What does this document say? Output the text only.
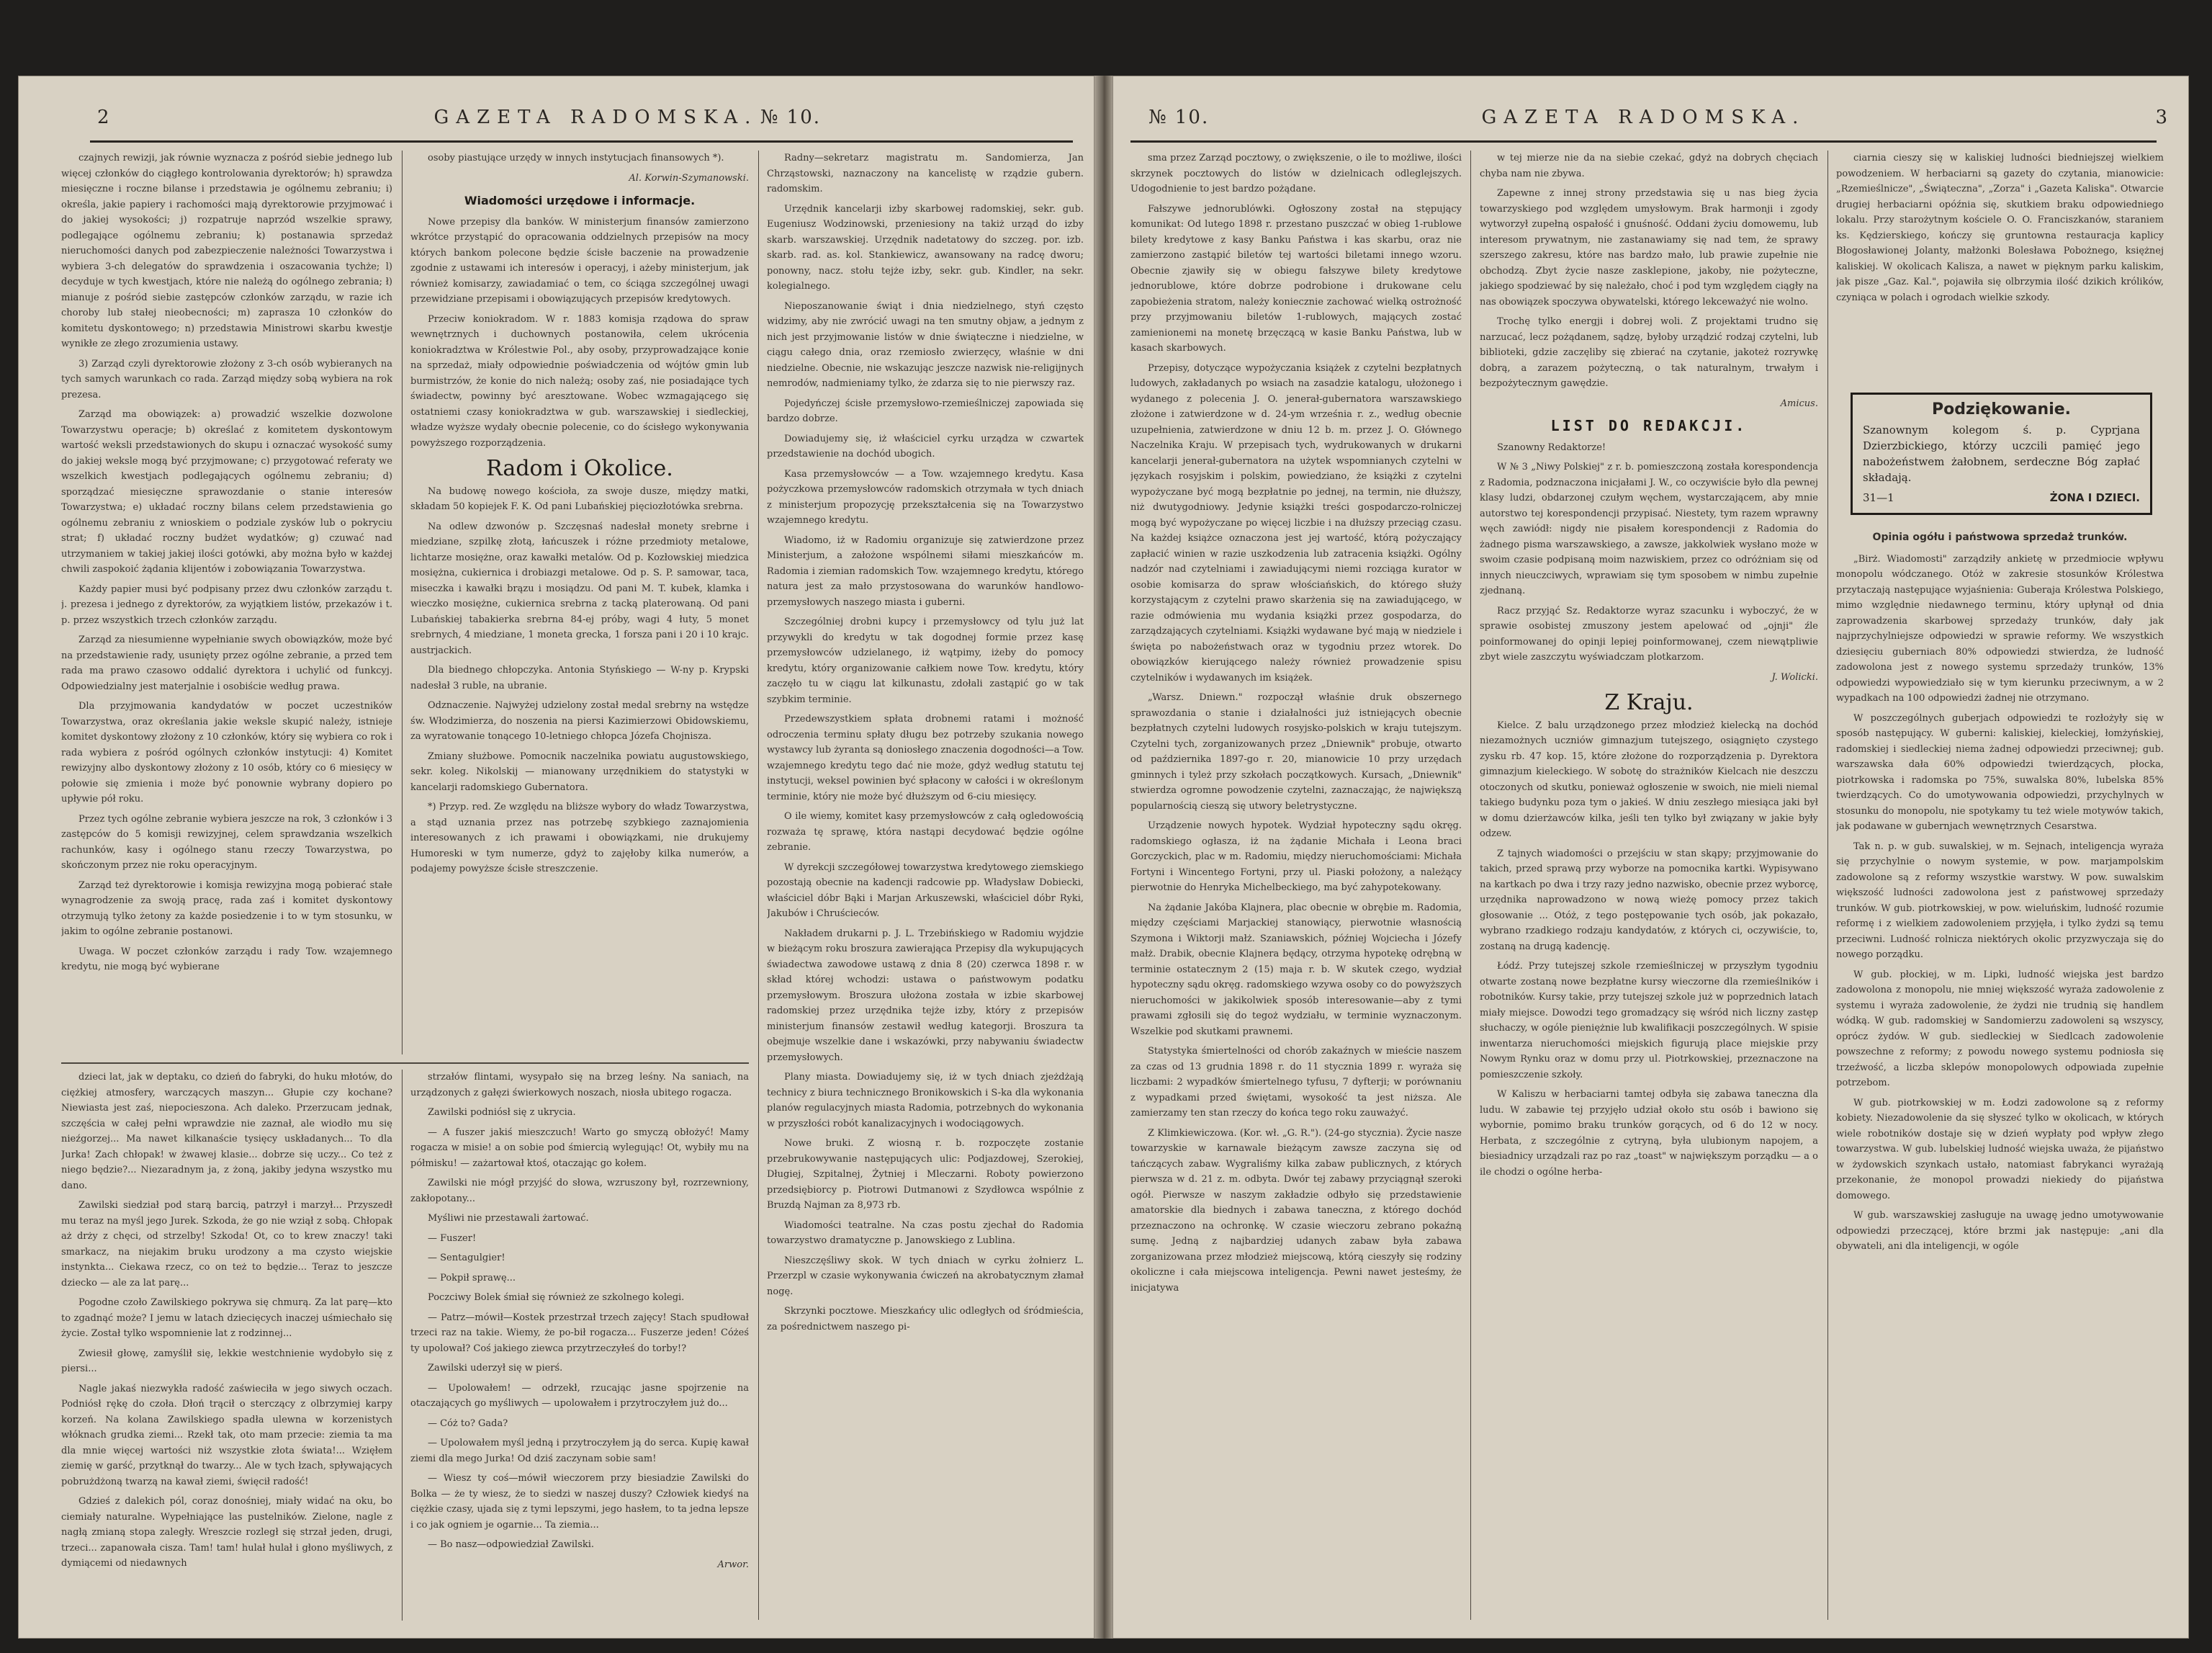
2	GAZETA RADOMSKA. № 10.

czajnych rewizji, jak równie wyznacza z pośród siebie jednego lub więcej członków do ciągłego kontrolowania dyrektorów; h) sprawdza miesięczne i roczne bilanse i przedstawia je ogólnemu zebraniu; i) określa, jakie papiery i rachomości mają dyrektorowie przyjmować i do jakiej wysokości; j) rozpatruje naprzód wszelkie sprawy, podlegające ogólnemu zebraniu; k) postanawia sprzedaż nieruchomości danych pod zabezpieczenie należności Towarzystwa i wybiera 3-ch delegatów do sprawdzenia i oszacowania tychże; l) decyduje w tych kwestjach, które nie należą do ogólnego zebrania; ł) mianuje z pośród siebie zastępców członków zarządu, w razie ich choroby lub stałej nieobecności; m) zaprasza 10 członków do komitetu dyskontowego; n) przedstawia Ministrowi skarbu kwestje wynikłe ze złego zrozumienia ustawy.

3) Zarząd czyli dyrektorowie złożony z 3-ch osób wybieranych na tych samych warunkach co rada. Zarząd między sobą wybiera na rok prezesa.

Zarząd ma obowiązek: a) prowadzić wszelkie dozwolone Towarzystwu operacje; b) określać z komitetem dyskontowym wartość weksli przedstawionych do skupu i oznaczać wysokość sumy do jakiej weksle mogą być przyjmowane; c) przygotować referaty we wszelkich kwestjach podlegających ogólnemu zebraniu; d) sporządzać miesięczne sprawozdanie o stanie interesów Towarzystwa; e) układać roczny bilans celem przedstawienia go ogólnemu zebraniu z wnioskiem o podziale zysków lub o pokryciu strat; f) układać roczny budżet wydatków; g) czuwać nad utrzymaniem w takiej jakiej ilości gotówki, aby można było w każdej chwili zaspokoić żądania klijentów i zobowiązania Towarzystwa.

Każdy papier musi być podpisany przez dwu członków zarządu t. j. prezesa i jednego z dyrektorów, za wyjątkiem listów, przekazów i t. p. przez wszystkich trzech członków zarządu.

Zarząd za niesumienne wypełnianie swych obowiązków, może być na przedstawienie rady, usunięty przez ogólne zebranie, a przed tem rada ma prawo czasowo oddalić dyrektora i uchylić od funkcyj. Odpowiedzialny jest materjalnie i osobiście według prawa.

Dla przyjmowania kandydatów w poczet uczestników Towarzystwa, oraz określania jakie weksle skupić należy, istnieje komitet dyskontowy złożony z 10 członków, który się wybiera co rok i rada wybiera z pośród ogólnych członków instytucji: 4) Komitet rewizyjny albo dyskontowy złożony z 10 osób, który co 6 miesięcy w połowie się zmienia i może być ponownie wybrany dopiero po upływie pół roku.

Przez tych ogólne zebranie wybiera jeszcze na rok, 3 członków i 3 zastępców do 5 komisji rewizyjnej, celem sprawdzania wszelkich rachunków, kasy i ogólnego stanu rzeczy Towarzystwa, po skończonym przez nie roku operacyjnym.

Zarząd też dyrektorowie i komisja rewizyjna mogą pobierać stałe wynagrodzenie za swoją pracę, rada zaś i komitet dyskontowy otrzymują tylko żetony za każde posiedzenie i to w tym stosunku, w jakim to ogólne zebranie postanowi.

Uwaga. W poczet członków zarządu i rady Tow. wzajemnego kredytu, nie mogą być wybierane

osoby piastujące urzędy w innych instytucjach finansowych *).

Al. Korwin-Szymanowski.
Wiadomości urzędowe i informacje.

Nowe przepisy dla banków. W ministerjum finansów zamierzono wkrótce przystąpić do opracowania oddzielnych przepisów na mocy których bankom polecone będzie ścisłe baczenie na prowadzenie zgodnie z ustawami ich interesów i operacyj, i ażeby ministerjum, jak również komisarzy, zawiadamiać o tem, co ściąga szczególnej uwagi przewidziane przepisami i obowiązujących przepisów kredytowych.

Przeciw koniokradom. W r. 1883 komisja rządowa do spraw wewnętrznych i duchownych postanowiła, celem ukrócenia koniokradztwa w Królestwie Pol., aby osoby, przyprowadzające konie na sprzedaż, miały odpowiednie poświadczenia od wójtów gmin lub burmistrzów, że konie do nich należą; osoby zaś, nie posiadające tych świadectw, powinny być aresztowane. Wobec wzmagającego się ostatniemi czasy koniokradztwa w gub. warszawskiej i siedleckiej, władze wyższe wydały obecnie polecenie, co do ścisłego wykonywania powyższego rozporządzenia.

Radom i Okolice.

Na budowę nowego kościoła, za swoje dusze, między matki, składam 50 kopiejek F. K. Od pani Lubańskiej pięciozłotówka srebrna.

Na odlew dzwonów p. Szczęsnaś nadesłał monety srebrne i miedziane, szpilkę złotą, łańcuszek i różne przedmioty metalowe, lichtarze mosiężne, oraz kawałki metalów. Od p. Kozłowskiej miedzica mosiężna, cukiernica i drobiazgi metalowe. Od p. S. P. samowar, taca, miseczka i kawałki brązu i mosiądzu. Od pani M. T. kubek, klamka i wieczko mosiężne, cukiernica srebrna z tacką platerowaną. Od pani Lubańskiej tabakierka srebrna 84-ej próby, wagi 4 łuty, 5 monet srebrnych, 4 miedziane, 1 moneta grecka, 1 forsza pani i 20 i 10 krajc. austrjackich.

Dla biednego chłopczyka. Antonia Styńskiego — W-ny p. Krypski nadesłał 3 ruble, na ubranie.

Odznaczenie. Najwyżej udzielony został medal srebrny na wstędze św. Włodzimierza, do noszenia na piersi Kazimierzowi Obidowskiemu, za wyratowanie tonącego 10-letniego chłopca Józefa Chojnisza.

Zmiany służbowe. Pomocnik naczelnika powiatu augustowskiego, sekr. koleg. Nikolskij — mianowany urzędnikiem do statystyki w kancelarji radomskiego Gubernatora.

*) Przyp. red. Ze względu na bliższe wybory do władz Towarzystwa, a stąd uznania przez nas potrzebę szybkiego zaznajomienia interesowanych z ich prawami i obowiązkami, nie drukujemy Humoreski w tym numerze, gdyż to zajęłoby kilka numerów, a podajemy powyższe ścisłe streszczenie.

Radny—sekretarz magistratu m. Sandomierza, Jan Chrząstowski, naznaczony na kancelistę w rządzie gubern. radomskim.

Urzędnik kancelarji izby skarbowej radomskiej, sekr. gub. Eugeniusz Wodzinowski, przeniesiony na takiż urząd do izby skarb. warszawskiej. Urzędnik nadetatowy do szczeg. por. izb. skarb. rad. as. kol. Stankiewicz, awansowany na radcę dworu; ponowny, nacz. stołu tejże izby, sekr. gub. Kindler, na sekr. kolegialnego.

Nieposzanowanie świąt i dnia niedzielnego, styń często widzimy, aby nie zwrócić uwagi na ten smutny objaw, a jednym z nich jest przyjmowanie listów w dnie świąteczne i niedzielne, w ciągu całego dnia, oraz rzemiosło zwierzęcy, właśnie w dni niedzielne. Obecnie, nie wskazując jeszcze nazwisk nie-religijnych nemrodów, nadmieniamy tylko, że zdarza się to nie pierwszy raz.

Pojedyńczej ścisłe przemysłowo-rzemieślniczej zapowiada się bardzo dobrze.

Dowiadujemy się, iż właściciel cyrku urządza w czwartek przedstawienie na dochód ubogich.

Kasa przemysłowców — a Tow. wzajemnego kredytu. Kasa pożyczkowa przemysłowców radomskich otrzymała w tych dniach z ministerjum propozycję przekształcenia się na Towarzystwo wzajemnego kredytu.

Wiadomo, iż w Radomiu organizuje się zatwierdzone przez Ministerjum, a założone wspólnemi siłami mieszkańców m. Radomia i ziemian radomskich Tow. wzajemnego kredytu, którego natura jest za mało przystosowana do warunków handlowo-przemysłowych naszego miasta i guberni.

Szczególniej drobni kupcy i przemysłowcy od tylu już lat przywykli do kredytu w tak dogodnej formie przez kasę przemysłowców udzielanego, iż wątpimy, iżeby do pomocy kredytu, który organizowanie całkiem nowe Tow. kredytu, który zaczęło tu w ciągu lat kilkunastu, zdołali zastąpić go w tak szybkim terminie.

Przedewszystkiem spłata drobnemi ratami i możność odroczenia terminu spłaty długu bez potrzeby szukania nowego wystawcy lub żyranta są doniosłego znaczenia dogodności—a Tow. wzajemnego kredytu tego dać nie może, gdyż według statutu tej instytucji, weksel powinien być spłacony w całości i w określonym terminie, który nie może być dłuższym od 6-ciu miesięcy.

O ile wiemy, komitet kasy przemysłowców z całą ogledowością rozważa tę sprawę, która nastąpi decydować będzie ogólne zebranie.

W dyrekcji szczegółowej towarzystwa kredytowego ziemskiego pozostają obecnie na kadencji radcowie pp. Władysław Dobiecki, właściciel dóbr Bąki i Marjan Arkuszewski, właściciel dóbr Ryki, Jakubów i Chruścieców.

Nakładem drukarni p. J. L. Trzebińskiego w Radomiu wyjdzie w bieżącym roku broszura zawierająca Przepisy dla wykupujących świadectwa zawodowe ustawą z dnia 8 (20) czerwca 1898 r. w skład której wchodzi: ustawa o państwowym podatku przemysłowym. Broszura ułożona została w izbie skarbowej radomskiej przez urzędnika tejże izby, który z przepisów ministerjum finansów zestawił według kategorji. Broszura ta obejmuje wszelkie dane i wskazówki, przy nabywaniu świadectw przemysłowych.

Plany miasta. Dowiadujemy się, iż w tych dniach zjeżdżają technicy z biura technicznego Bronikowskich i S-ka dla wykonania planów regulacyjnych miasta Radomia, potrzebnych do wykonania w przyszłości robót kanalizacyjnych i wodociągowych.

Nowe bruki. Z wiosną r. b. rozpoczęte zostanie przebrukowywanie następujących ulic: Podjazdowej, Szerokiej, Długiej, Szpitalnej, Żytniej i Mleczarni. Roboty powierzono przedsiębiorcy p. Piotrowi Dutmanowi z Szydłowca wspólnie z Bruzdą Najman za 8,973 rb.

Wiadomości teatralne. Na czas postu zjechał do Radomia towarzystwo dramatyczne p. Janowskiego z Lublina.

Nieszczęśliwy skok. W tych dniach w cyrku żołnierz L. Przerzpl w czasie wykonywania ćwiczeń na akrobatycznym złamał nogę.

Skrzynki pocztowe. Mieszkańcy ulic odległych od śródmieścia, za pośrednictwem naszego pi-

dzieci lat, jak w deptaku, co dzień do fabryki, do huku młotów, do ciężkiej atmosfery, warczących maszyn... Głupie czy kochane? Niewiasta jest zaś, niepocieszona. Ach daleko. Przerzucam jednak, szczęścia w całej pełni wprawdzie nie zaznał, ale wiodło mu się nieźgorzej... Ma nawet kilkanaście tysięcy uskładanych... To dla Jurka! Zach chłopak! w żwawej klasie... dobrze się uczy... Co też z niego będzie?... Niezaradnym ja, z żoną, jakiby jedyna wszystko mu dano.

Zawilski siedział pod starą barcią, patrzył i marzył... Przyszedł mu teraz na myśl jego Jurek. Szkoda, że go nie wziął z sobą. Chłopak aż drży z chęci, od strzelby! Szkoda! Ot, co to krew znaczy! taki smarkacz, na niejakim bruku urodzony a ma czysto wiejskie instynkta... Ciekawa rzecz, co on też to będzie... Teraz to jeszcze dziecko — ale za lat parę...

Pogodne czoło Zawilskiego pokrywa się chmurą. Za lat parę—kto to zgadnąć może? I jemu w latach dziecięcych inaczej uśmiechało się życie. Został tylko wspomnienie lat z rodzinnej...

Zwiesił głowę, zamyślił się, lekkie westchnienie wydobyło się z piersi...

Nagle jakaś niezwykła radość zaświeciła w jego siwych oczach. Podniósł rękę do czoła. Dłoń trącił o sterczący z olbrzymiej karpy korzeń. Na kolana Zawilskiego spadła ulewna w korzenistych włóknach grudka ziemi... Rzekł tak, oto mam przecie: ziemia ta ma dla mnie więcej wartości niż wszystkie złota świata!... Wzięłem ziemię w garść, przytknął do twarzy... Ale w tych łzach, spływających pobrużdżoną twarzą na kawał ziemi, święcił radość!

Gdzieś z dalekich pól, coraz donośniej, miały widać na oku, bo ciemiały naturalne. Wypełniające las pustelników. Zielone, nagle z nagłą zmianą stopa zaległy. Wreszcie rozległ się strzał jeden, drugi, trzeci... zapanowała cisza. Tam! tam! hulał hulał i głono myśliwych, z dymiącemi od niedawnych

strzałów flintami, wysypało się na brzeg leśny. Na saniach, na urządzonych z gałęzi świerkowych noszach, niosła ubitego rogacza.

Zawilski podniósł się z ukrycia.

— A fuszer jakiś mieszczuch! Warto go smyczą obłożyć! Mamy rogacza w misie! a on sobie pod śmiercią wylegując! Ot, wybiły mu na półmisku! — zażartował ktoś, otaczając go kołem.

Zawilski nie mógł przyjść do słowa, wzruszony był, rozrzewniony, zakłopotany...

Myśliwi nie przestawali żartować.

— Fuszer!

— Sentagulgier!

— Pokpił sprawę...

Poczciwy Bolek śmiał się również ze szkolnego kolegi.

— Patrz—mówił—Kostek przestrzał trzech zajęcy! Stach spudłował trzeci raz na takie. Wiemy, że po-bił rogacza... Fuszerze jeden! Cóżeś ty upolował? Coś jakiego ziewca przytrzeczyłeś do torby!?

Zawilski uderzył się w pierś.

— Upolowałem! — odrzekł, rzucając jasne spojrzenie na otaczających go myśliwych — upolowałem i przytroczyłem już do...

— Cóż to? Gada?

— Upolowałem myśl jedną i przytroczyłem ją do serca. Kupię kawał ziemi dla mego Jurka! Od dziś zaczynam sobie sam!

— Wiesz ty coś—mówił wieczorem przy biesiadzie Zawilski do Bolka — że ty wiesz, że to siedzi w naszej duszy? Człowiek kiedyś na ciężkie czasy, ujada się z tymi lepszymi, jego hasłem, to ta jedna lepsze i co jak ogniem je ogarnie... Ta ziemia...

— Bo nasz—odpowiedział Zawilski.

Arwor.
№ 10.	GAZETA RADOMSKA.	3

sma przez Zarząd pocztowy, o zwiększenie, o ile to możliwe, ilości skrzynek pocztowych do listów w dzielnicach odleglejszych. Udogodnienie to jest bardzo pożądane.

Fałszywe jednorublówki. Ogłoszony został na stępujący komunikat: Od lutego 1898 r. przestano puszczać w obieg 1-rublowe bilety kredytowe z kasy Banku Państwa i kas skarbu, oraz nie zamierzono zastąpić biletów tej wartości biletami innego wzoru. Obecnie zjawiły się w obiegu fałszywe bilety kredytowe jednorublowe, które dobrze podrobione i drukowane celu zapobieżenia stratom, należy koniecznie zachować wielką ostrożność przy przyjmowaniu biletów 1-rublowych, mających zostać zamienionemi na monetę brzęczącą w kasie Banku Państwa, lub w kasach skarbowych.

Przepisy, dotyczące wypożyczania książek z czytelni bezpłatnych ludowych, zakładanych po wsiach na zasadzie katalogu, ułożonego i wydanego z polecenia J. O. jenerał-gubernatora warszawskiego złożone i zatwierdzone w d. 24-ym września r. z., według obecnie uzupełnienia, zatwierdzone w dniu 12 b. m. przez J. O. Głównego Naczelnika Kraju. W przepisach tych, wydrukowanych w drukarni kancelarji jenerał-gubernatora na użytek wspomnianych czytelni w językach rosyjskim i polskim, powiedziano, że książki z czytelni wypożyczane być mogą bezpłatnie po jednej, na termin, nie dłuższy, niż dwutygodniowy. Jedynie książki treści gospodarczo-rolniczej mogą być wypożyczane po więcej liczbie i na dłuższy przeciąg czasu. Na każdej książce oznaczona jest jej wartość, którą pożyczający zapłacić winien w razie uszkodzenia lub zatracenia książki. Ogólny nadzór nad czytelniami i zawiadującymi niemi rozciąga kurator w osobie komisarza do spraw włościańskich, do którego służy korzystającym z czytelni prawo skarżenia się na zawiadującego, w razie odmówienia mu wydania książki przez gospodarza, do zarządzających czytelniami. Książki wydawane być mają w niedziele i święta po nabożeństwach oraz w tygodniu przez wtorek. Do obowiązków kierującego należy również prowadzenie spisu czytelników i wydawanych im książek.

„Warsz. Dniewn." rozpoczął właśnie druk obszernego sprawozdania o stanie i działalności już istniejących obecnie bezpłatnych czytelni ludowych rosyjsko-polskich w kraju tutejszym. Czytelni tych, zorganizowanych przez „Dniewnik" probuje, otwarto od października 1897-go r. 20, mianowicie 10 przy urzędach gminnych i tyleż przy szkołach początkowych. Kursach, „Dniewnik" stwierdza ogromne powodzenie czytelni, zaznaczając, że największą popularnością cieszą się utwory beletrystyczne.

Urządzenie nowych hypotek. Wydział hypoteczny sądu okręg. radomskiego ogłasza, iż na żądanie Michała i Leona braci Gorczyckich, plac w m. Radomiu, między nieruchomościami: Michała Fortyni i Wincentego Fortyni, przy ul. Piaski położony, a należący pierwotnie do Henryka Michelbeckiego, ma być zahypotekowany.

Na żądanie Jakóba Klajnera, plac obecnie w obrębie m. Radomia, między częściami Marjackiej stanowiący, pierwotnie własnością Szymona i Wiktorji małż. Szaniawskich, później Wojciecha i Józefy małż. Drabik, obecnie Klajnera będący, otrzyma hypotekę odrębną w terminie ostatecznym 2 (15) maja r. b. W skutek czego, wydział hypoteczny sądu okręg. radomskiego wzywa osoby co do powyższych nieruchomości w jakikolwiek sposób interesowanie—aby z tymi prawami zgłosili się do tegoż wydziału, w terminie wyznaczonym. Wszelkie pod skutkami prawnemi.

Statystyka śmiertelności od chorób zakaźnych w mieście naszem za czas od 13 grudnia 1898 r. do 11 stycznia 1899 r. wyraża się liczbami: 2 wypadków śmiertelnego tyfusu, 7 dyfterji; w porównaniu z wypadkami przed świętami, wysokość ta jest niższa. Ale zamierzamy ten stan rzeczy do końca tego roku zauważyć.

Z Klimkiewiczowa. (Kor. wł. „G. R."). (24-go stycznia). Życie nasze towarzyskie w karnawale bieżącym zawsze zaczyna się od tańczących zabaw. Wygraliśmy kilka zabaw publicznych, z których pierwsza w d. 21 z. m. odbyta. Dwór tej zabawy przyciągnął szeroki ogół. Pierwsze w naszym zakładzie odbyło się przedstawienie amatorskie dla biednych i zabawa taneczna, z którego dochód przeznaczono na ochronkę. W czasie wieczoru zebrano pokaźną sumę. Jedną z najbardziej udanych zabaw była zabawa zorganizowana przez młodzież miejscową, którą cieszyły się rodziny okoliczne i cała miejscowa inteligencja. Pewni nawet jesteśmy, że inicjatywa

w tej mierze nie da na siebie czekać, gdyż na dobrych chęciach chyba nam nie zbywa.

Zapewne z innej strony przedstawia się u nas bieg życia towarzyskiego pod względem umysłowym. Brak harmonji i zgody wytworzył zupełną ospałość i gnuśność. Oddani życiu domowemu, lub interesom prywatnym, nie zastanawiamy się nad tem, że sprawy szerszego zakresu, które nas bardzo mało, lub prawie zupełnie nie obchodzą. Zbyt życie nasze zasklepione, jakoby, nie pożyteczne, jakiego spodziewać by się należało, choć i pod tym względem ciągły na nas obowiązek spoczywa obywatelski, którego lekceważyć nie wolno.

Trochę tylko energji i dobrej woli. Z projektami trudno się narzucać, lecz pożądanem, sądzę, byłoby urządzić rodzaj czytelni, lub biblioteki, gdzie zaczęliby się zbierać na czytanie, jakoteż rozrywkę dobrą, a zarazem pożyteczną, o tak naturalnym, trwałym i bezpożytecznym gawędzie.

Amicus.
LIST DO REDAKCJI.

Szanowny Redaktorze!

W № 3 „Niwy Polskiej" z r. b. pomieszczoną została korespondencja z Radomia, podznaczona inicjałami J. W., co oczywiście było dla pewnej klasy ludzi, obdarzonej czułym węchem, wystarczającem, aby mnie autorstwo tej korespondencji przypisać. Niestety, tym razem wprawny węch zawiódł: nigdy nie pisałem korespondencji z Radomia do żadnego pisma warszawskiego, a zawsze, jakkolwiek wysłano może w swoim czasie podpisaną moim nazwiskiem, przez co odróżniam się od innych nieuczciwych, wprawiam się tym sposobem w nimbu zupełnie zjednaną.

Racz przyjąć Sz. Redaktorze wyraz szacunku i wyboczyć, że w sprawie osobistej zmuszony jestem apelować od „ojnji" źle poinformowanej do opinji lepiej poinformowanej, czem niewątpliwie zbyt wiele zaszczytu wyświadczam plotkarzom.

J. Wolicki.
Z Kraju.

Kielce. Z balu urządzonego przez młodzież kielecką na dochód niezamożnych uczniów gimnazjum tutejszego, osiągnięto czystego zysku rb. 47 kop. 15, które złożone do rozporządzenia p. Dyrektora gimnazjum kieleckiego. W sobotę do strażników Kielcach nie deszczu otoczonych od skutku, ponieważ ogłoszenie w swoich, nie mieli niemal takiego budynku poza tym o jakieś. W dniu zeszłego miesiąca jaki był w domu dzierżawców kilka, jeśli ten tylko był związany w jakie były odzew.

Z tajnych wiadomości o przejściu w stan skąpy; przyjmowanie do takich, przed sprawą przy wyborze na pomocnika kartki. Wypisywano na kartkach po dwa i trzy razy jedno nazwisko, obecnie przez wyborcę, urzędnika naprowadzono w nową wieżę pomocy przez takich głosowanie ... Otóż, z tego postępowanie tych osób, jak pokazało, wybrano rzadkiego rodzaju kandydatów, z których ci, oczywiście, to, zostaną na drugą kadencję.

Łódź. Przy tutejszej szkole rzemieślniczej w przyszłym tygodniu otwarte zostaną nowe bezpłatne kursy wieczorne dla rzemieślników i robotników. Kursy takie, przy tutejszej szkole już w poprzednich latach miały miejsce. Dowodzi tego gromadzący się wśród nich liczny zastęp słuchaczy, w ogóle pieniężnie lub kwalifikacji poszczególnych. W spisie inwentarza nieruchomości miejskich figurują place miejskie przy Nowym Rynku oraz w domu przy ul. Piotrkowskiej, przeznaczone na pomieszczenie szkoły.

W Kaliszu w herbaciarni tamtej odbyła się zabawa taneczna dla ludu. W zabawie tej przyjęło udział około stu osób i bawiono się wybornie, pomimo braku trunków gorących, od 6 do 12 w nocy. Herbata, z szczególnie z cytryną, była ulubionym napojem, a biesiadnicy urządzali raz po raz „toast" w największym porządku — a o ile chodzi o ogólne herba-

ciarnia cieszy się w kaliskiej ludności biedniejszej wielkiem powodzeniem. W herbaciarni są gazety do czytania, mianowicie: „Rzemieślnicze", „Świąteczna", „Zorza" i „Gazeta Kaliska". Otwarcie drugiej herbaciarni opóźnia się, skutkiem braku odpowiedniego lokalu. Przy starożytnym kościele O. O. Franciszkanów, staraniem ks. Kędzierskiego, kończy się gruntowna restauracja kaplicy Błogosławionej Jolanty, małżonki Bolesława Pobożnego, księżnej kaliskiej. W okolicach Kalisza, a nawet w pięknym parku kaliskim, jak pisze „Gaz. Kal.", pojawiła się olbrzymia ilość dzikich królików, czyniąca w polach i ogrodach wielkie szkody.

Podziękowanie.
Szanownym kolegom ś. p. Cyprjana Dzierzbickiego, którzy uczcili pamięć jego nabożeństwem żałobnem, serdeczne Bóg zapłać składają.
31—1	ŻONA I DZIECI.
Opinia ogółu i państwowa sprzedaż trunków.

„Birż. Wiadomosti" zarządziły ankietę w przedmiocie wpływu monopolu wódczanego. Otóż w zakresie stosunków Królestwa przytaczają następujące wyjaśnienia: Guberaja Królestwa Polskiego, mimo względnie niedawnego terminu, który upłynął od dnia zaprowadzenia skarbowej sprzedaży trunków, dały jak najprzychylniejsze odpowiedzi w sprawie reformy. We wszystkich dziesięciu guberniach 80% odpowiedzi stwierdza, że ludność zadowolona jest z nowego systemu sprzedaży trunków, 13% odpowiedzi wypowiedziało się w tym kierunku przeciwnym, a w 2 wypadkach na 100 odpowiedzi żadnej nie otrzymano.

W poszczególnych guberjach odpowiedzi te rozłożyły się w sposób następujący. W guberni: kaliskiej, kieleckiej, łomżyńskiej, radomskiej i siedleckiej niema żadnej odpowiedzi przeciwnej; gub. warszawska dała 60% odpowiedzi twierdzących, płocka, piotrkowska i radomska po 75%, suwalska 80%, lubelska 85% twierdzących. Co do umotywowania odpowiedzi, przychylnych w stosunku do monopolu, nie spotykamy tu też wiele motywów takich, jak podawane w gubernjach wewnętrznych Cesarstwa.

Tak n. p. w gub. suwalskiej, w m. Sejnach, inteligencja wyraża się przychylnie o nowym systemie, w pow. marjampolskim zadowolone są z reformy wszystkie warstwy. W pow. suwalskim większość ludności zadowolona jest z państwowej sprzedaży trunków. W gub. piotrkowskiej, w pow. wieluńskim, ludność rozumie reformę i z wielkiem zadowoleniem przyjęła, i tylko żydzi są temu przeciwni. Ludność rolnicza niektórych okolic przyzwyczaja się do nowego porządku.

W gub. płockiej, w m. Lipki, ludność wiejska jest bardzo zadowolona z monopolu, nie mniej większość wyraża zadowolenie z systemu i wyraża zadowolenie, że żydzi nie trudnią się handlem wódką. W gub. radomskiej w Sandomierzu zadowoleni są wszyscy, oprócz żydów. W gub. siedleckiej w Siedlcach zadowolenie powszechne z reformy; z powodu nowego systemu podniosła się trzeźwość, a liczba sklepów monopolowych odpowiada zupełnie potrzebom.

W gub. piotrkowskiej w m. Łodzi zadowolone są z reformy kobiety. Niezadowolenie da się słyszeć tylko w okolicach, w których wiele robotników dostaje się w dzień wypłaty pod wpływ złego towarzystwa. W gub. lubelskiej ludność wiejska uważa, że pijaństwo w żydowskich szynkach ustało, natomiast fabrykanci wyrażają przekonanie, że monopol prowadzi niekiedy do pijaństwa domowego.

W gub. warszawskiej zasługuje na uwagę jedno umotywowanie odpowiedzi przeczącej, które brzmi jak następuje: „ani dla obywateli, ani dla inteligencji, w ogóle
